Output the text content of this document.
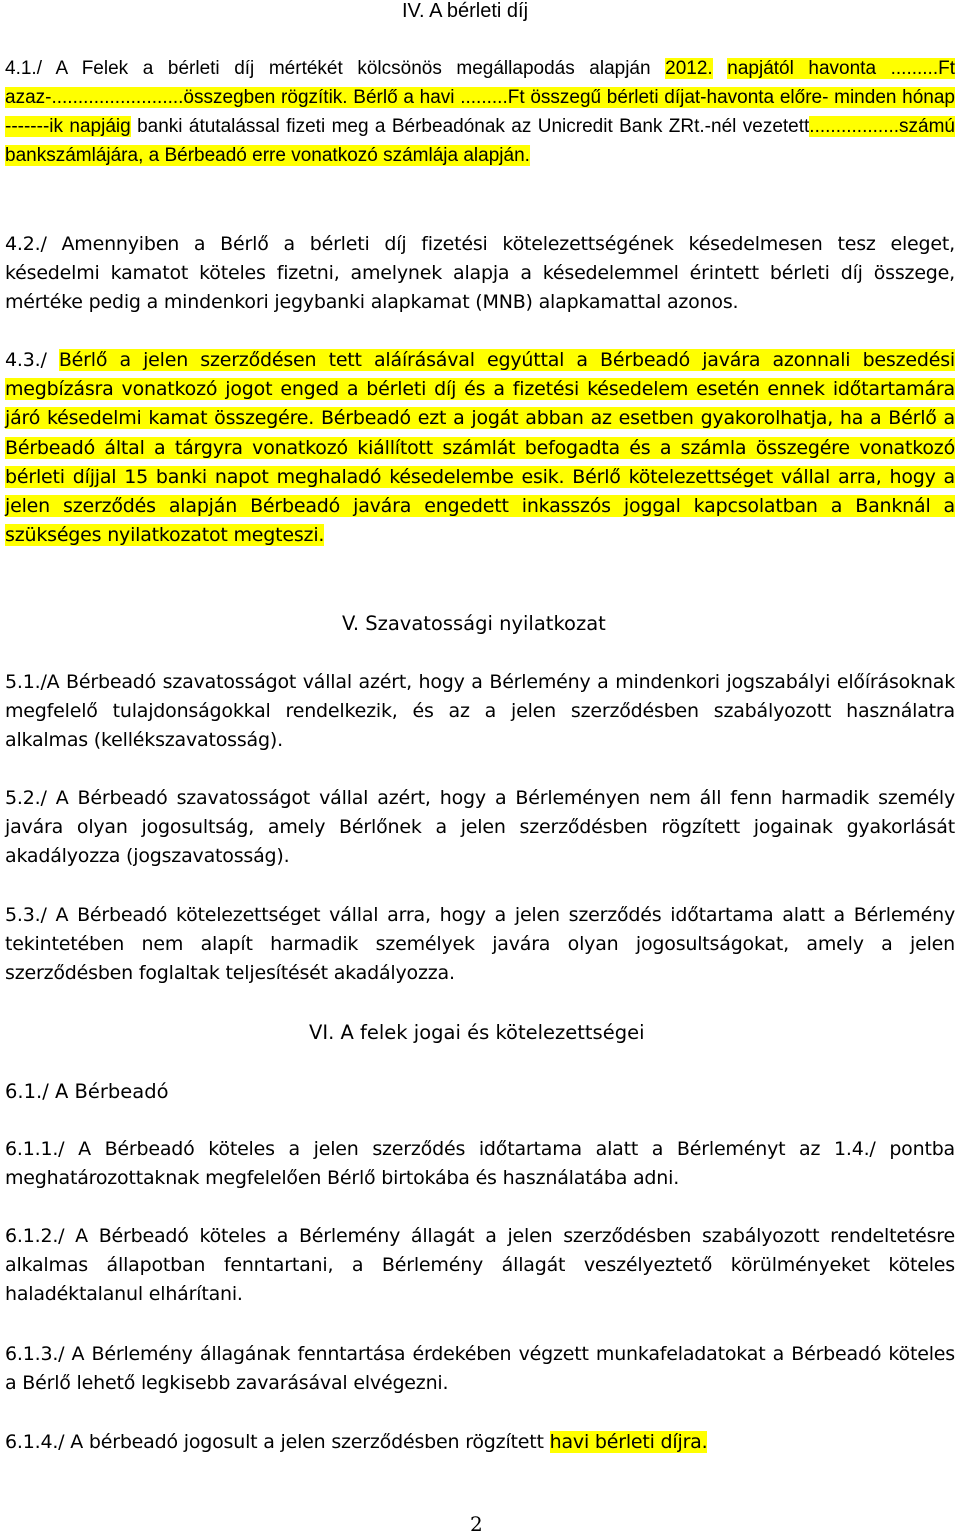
IV. A bérleti díj

4.1./ A Felek a bérleti díj mértékét kölcsönös megállapodás alapján 2012. napjától havonta .........Ft azaz-.........................összegben rögzítik. Bérlő a havi .........Ft összegű bérleti díjat-havonta előre- minden hónap -------ik napjáig banki átutalással fizeti meg a Bérbeadónak az Unicredit Bank ZRt.-nél vezetett.................számú bankszámlájára, a Bérbeadó erre vonatkozó számlája alapján.

4.2./ Amennyiben a Bérlő a bérleti díj fizetési kötelezettségének késedelmesen tesz eleget, késedelmi kamatot köteles fizetni, amelynek alapja a késedelemmel érintett bérleti díj összege, mértéke pedig a mindenkori jegybanki alapkamat (MNB) alapkamattal azonos.

4.3./ Bérlő a jelen szerződésen tett aláírásával egyúttal a Bérbeadó javára azonnali beszedési megbízásra vonatkozó jogot enged a bérleti díj és a fizetési késedelem esetén ennek időtartamára járó késedelmi kamat összegére. Bérbeadó ezt a jogát abban az esetben gyakorolhatja, ha a Bérlő a Bérbeadó által a tárgyra vonatkozó kiállított számlát befogadta és a számla összegére vonatkozó bérleti díjjal 15 banki napot meghaladó késedelembe esik. Bérlő kötelezettséget vállal arra, hogy a jelen szerződés alapján Bérbeadó javára engedett inkasszós joggal kapcsolatban a Banknál a szükséges nyilatkozatot megteszi.

V. Szavatossági nyilatkozat

5.1./A Bérbeadó szavatosságot vállal azért, hogy a Bérlemény a mindenkori jogszabályi előírásoknak megfelelő tulajdonságokkal rendelkezik, és az a jelen szerződésben szabályozott használatra alkalmas (kellékszavatosság).

5.2./ A Bérbeadó szavatosságot vállal azért, hogy a Bérleményen nem áll fenn harmadik személy javára olyan jogosultság, amely Bérlőnek a jelen szerződésben rögzített jogainak gyakorlását akadályozza (jogszavatosság).

5.3./ A Bérbeadó kötelezettséget vállal arra, hogy a jelen szerződés időtartama alatt a Bérlemény tekintetében nem alapít harmadik személyek javára olyan jogosultságokat, amely a jelen szerződésben foglaltak teljesítését akadályozza.

VI. A felek jogai és kötelezettségei
6.1./ A Bérbeadó

6.1.1./ A Bérbeadó köteles a jelen szerződés időtartama alatt a Bérleményt az 1.4./ pontba meghatározottaknak megfelelően Bérlő birtokába és használatába adni.

6.1.2./ A Bérbeadó köteles a Bérlemény állagát a jelen szerződésben szabályozott rendeltetésre alkalmas állapotban fenntartani, a Bérlemény állagát veszélyeztető körülményeket köteles haladéktalanul elhárítani.

6.1.3./ A Bérlemény állagának fenntartása érdekében végzett munkafeladatokat a Bérbeadó köteles a Bérlő lehető legkisebb zavarásával elvégezni.

6.1.4./ A bérbeadó jogosult a jelen szerződésben rögzített havi bérleti díjra.

2
